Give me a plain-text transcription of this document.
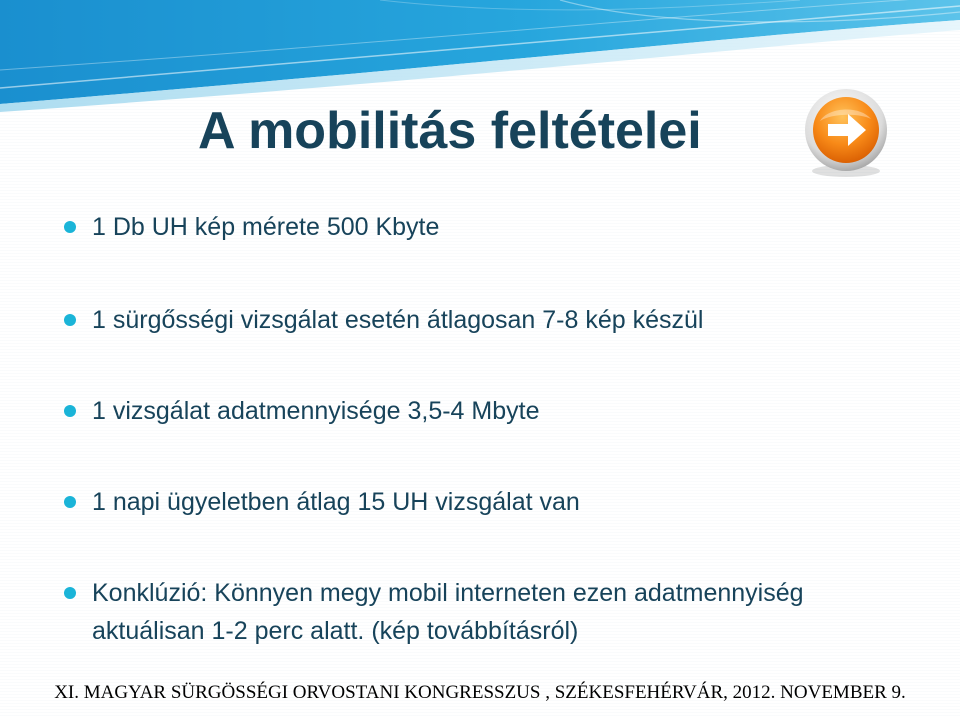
A mobilitás feltételei
1 Db UH kép mérete 500 Kbyte
1 sürgősségi vizsgálat esetén átlagosan 7-8 kép készül
1 vizsgálat adatmennyisége 3,5-4 Mbyte
1 napi ügyeletben átlag 15 UH vizsgálat van
Konklúzió: Könnyen megy mobil interneten ezen adatmennyiség aktuálisan 1-2 perc alatt. (kép továbbításról)
XI. MAGYAR SÜRGÖSSÉGI ORVOSTANI KONGRESSZUS , SZÉKESFEHÉRVÁR, 2012. NOVEMBER 9.
